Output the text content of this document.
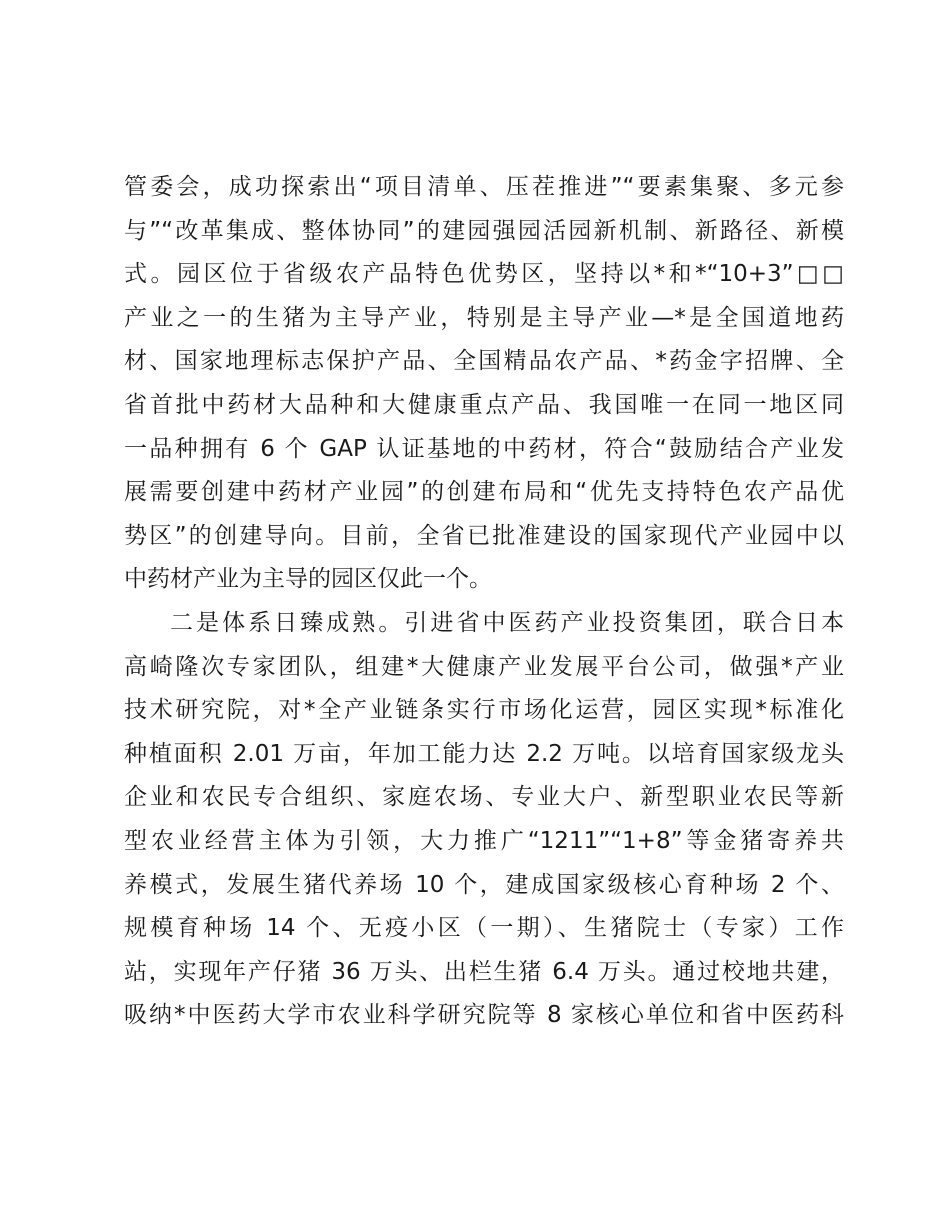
管委会，成功探索出“项目清单、压茬推进”“要素集聚、多元参
与”“改革集成、整体协同”的建园强园活园新机制、新路径、新模
式。园区位于省级农产品特色优势区，坚持以*和*“10+3”□□
产业之一的生猪为主导产业，特别是主导产业—*是全国道地药
材、国家地理标志保护产品、全国精品农产品、*药金字招牌、全
省首批中药材大品种和大健康重点产品、我国唯一在同一地区同
一品种拥有 6 个 GAP 认证基地的中药材，符合“鼓励结合产业发
展需要创建中药材产业园”的创建布局和“优先支持特色农产品优
势区”的创建导向。目前，全省已批准建设的国家现代产业园中以
中药材产业为主导的园区仅此一个。
二是体系日臻成熟。引进省中医药产业投资集团，联合日本
高崎隆次专家团队，组建*大健康产业发展平台公司，做强*产业
技术研究院，对*全产业链条实行市场化运营，园区实现*标准化
种植面积 2.01 万亩，年加工能力达 2.2 万吨。以培育国家级龙头
企业和农民专合组织、家庭农场、专业大户、新型职业农民等新
型农业经营主体为引领，大力推广“1211”“1+8”等金猪寄养共
养模式，发展生猪代养场 10 个，建成国家级核心育种场 2 个、
规模育种场 14 个、无疫小区（一期）、生猪院士（专家）工作
站，实现年产仔猪 36 万头、出栏生猪 6.4 万头。通过校地共建，
吸纳*中医药大学市农业科学研究院等 8 家核心单位和省中医药科
